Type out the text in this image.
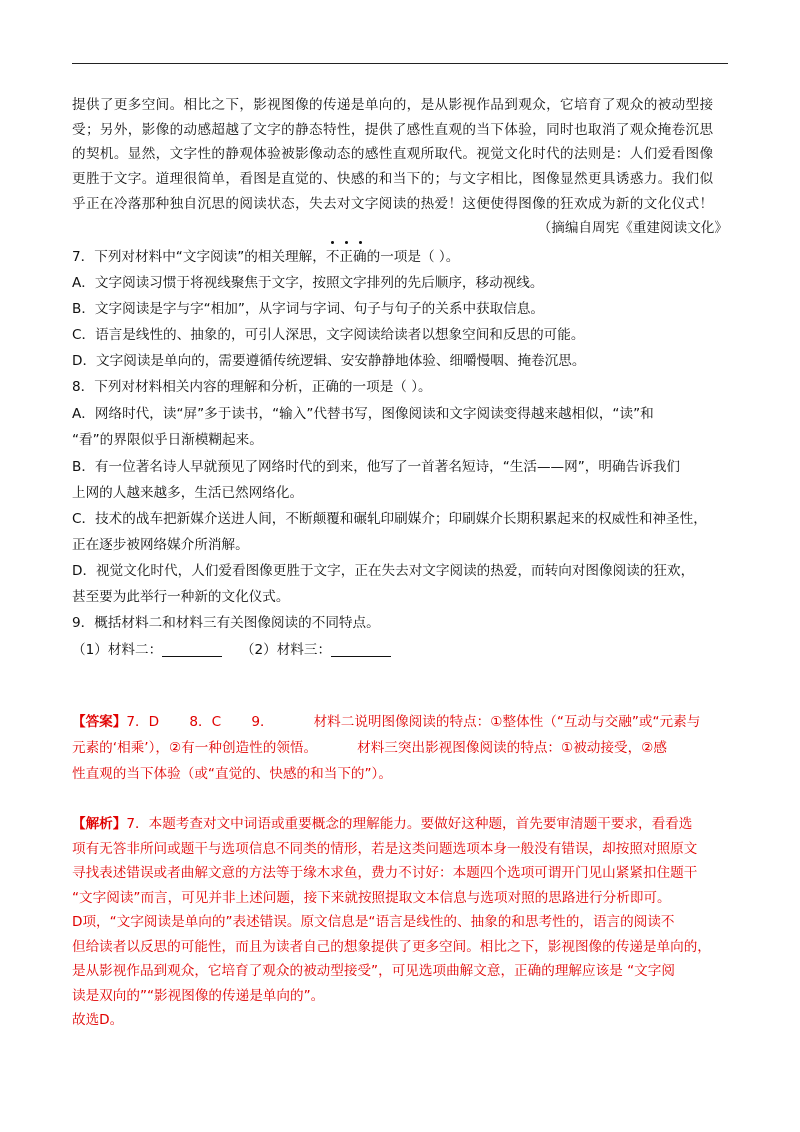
提供了更多空间。相比之下，影视图像的传递是单向的，是从影视作品到观众，它培育了观众的被动型接
受；另外，影像的动感超越了文字的静态特性，提供了感性直观的当下体验，同时也取消了观众掩卷沉思
的契机。显然，文字性的静观体验被影像动态的感性直观所取代。视觉文化时代的法则是：人们爱看图像
更胜于文字。道理很简单，看图是直觉的、快感的和当下的；与文字相比，图像显然更具诱惑力。我们似
乎正在冷落那种独自沉思的阅读状态，失去对文字阅读的热爱！这便使得图像的狂欢成为新的文化仪式！
（摘编自周宪《重建阅读文化》
7．下列对材料中“文字阅读”的相关理解，不正确
的一项是（ ）。
A．文字阅读习惯于将视线聚焦于文字，按照文字排列的先后顺序，移动视线。
B．文字阅读是字与字“相加”，从字词与字词、句子与句子的关系中获取信息。
C．语言是线性的、抽象的，可引人深思，文字阅读给读者以想象空间和反思的可能。
D．文字阅读是单向的，需要遵循传统逻辑、安安静静地体验、细嚼慢咽、掩卷沉思。
8．下列对材料相关内容的理解和分析，正确的一项是（ ）。
A．网络时代，读“屏”多于读书，“输入”代替书写，图像阅读和文字阅读变得越来越相似，“读”和
“看”的界限似乎日渐模糊起来。
B．有一位著名诗人早就预见了网络时代的到来，他写了一首著名短诗，“生活——网”，明确告诉我们
上网的人越来越多，生活已然网络化。
C．技术的战车把新媒介送进人间，不断颠覆和碾轧印刷媒介；印刷媒介长期积累起来的权威性和神圣性，
正在逐步被网络媒介所消解。
D．视觉文化时代，人们爱看图像更胜于文字，正在失去对文字阅读的热爱，而转向对图像阅读的狂欢，
甚至要为此举行一种新的文化仪式。
9．概括材料二和材料三有关图像阅读的不同特点。
（1）材料二：	（2）材料三：
【答案】7．D       8．C       9．	材料二说明图像阅读的特点：①整体性（“互动与交融”或“元素与
元素的‘相乘’），②有一种创造性的领悟。	材料三突出影视图像阅读的特点：①被动接受，②感
性直观的当下体验（或“直觉的、快感的和当下的”）。
【解析】7．本题考查对文中词语或重要概念的理解能力。要做好这种题，首先要审清题干要求，看看选
项有无答非所问或题干与选项信息不同类的情形，若是这类问题选项本身一般没有错误，却按照对照原文
寻找表述错误或者曲解文意的方法等于缘木求鱼，费力不讨好：本题四个选项可谓开门见山紧紧扣住题干
“文字阅读”而言，可见并非上述问题，接下来就按照提取文本信息与选项对照的思路进行分析即可。
D项，“文字阅读是单向的”表述错误。原文信息是“语言是线性的、抽象的和思考性的，语言的阅读不
但给读者以反思的可能性，而且为读者自己的想象提供了更多空间。相比之下，影视图像的传递是单向的，
是从影视作品到观众，它培育了观众的被动型接受”，可见选项曲解文意，正确的理解应该是 “文字阅
读是双向的”“影视图像的传递是单向的”。
故选D。
